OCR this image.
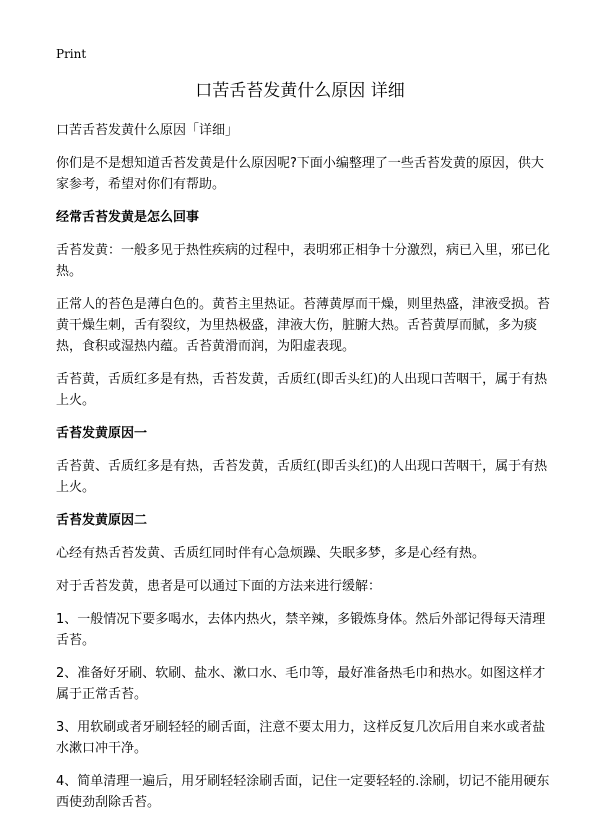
Print
口苦舌苔发黄什么原因 详细

口苦舌苔发黄什么原因「详细」

你们是不是想知道舌苔发黄是什么原因呢?下面小编整理了一些舌苔发黄的原因，供大家参考，希望对你们有帮助。

经常舌苔发黄是怎么回事

舌苔发黄：一般多见于热性疾病的过程中，表明邪正相争十分激烈，病已入里，邪已化热。

正常人的苔色是薄白色的。黄苔主里热证。苔薄黄厚而干燥，则里热盛，津液受损。苔黄干燥生刺，舌有裂纹，为里热极盛，津液大伤，脏腑大热。舌苔黄厚而腻，多为痰热，食积或湿热内蕴。舌苔黄滑而润，为阳虚表现。

舌苔黄，舌质红多是有热，舌苔发黄，舌质红(即舌头红)的人出现口苦咽干，属于有热上火。

舌苔发黄原因一

舌苔黄、舌质红多是有热，舌苔发黄，舌质红(即舌头红)的人出现口苦咽干，属于有热上火。

舌苔发黄原因二

心经有热舌苔发黄、舌质红同时伴有心急烦躁、失眠多梦，多是心经有热。

对于舌苔发黄，患者是可以通过下面的方法来进行缓解：

1、一般情况下要多喝水，去体内热火，禁辛辣，多锻炼身体。然后外部记得每天清理舌苔。

2、准备好牙刷、软刷、盐水、漱口水、毛巾等，最好准备热毛巾和热水。如图这样才属于正常舌苔。

3、用软刷或者牙刷轻轻的刷舌面，注意不要太用力，这样反复几次后用自来水或者盐水漱口冲干净。

4、简单清理一遍后，用牙刷轻轻涂刷舌面，记住一定要轻轻的.涂刷，切记不能用硬东西使劲刮除舌苔。
